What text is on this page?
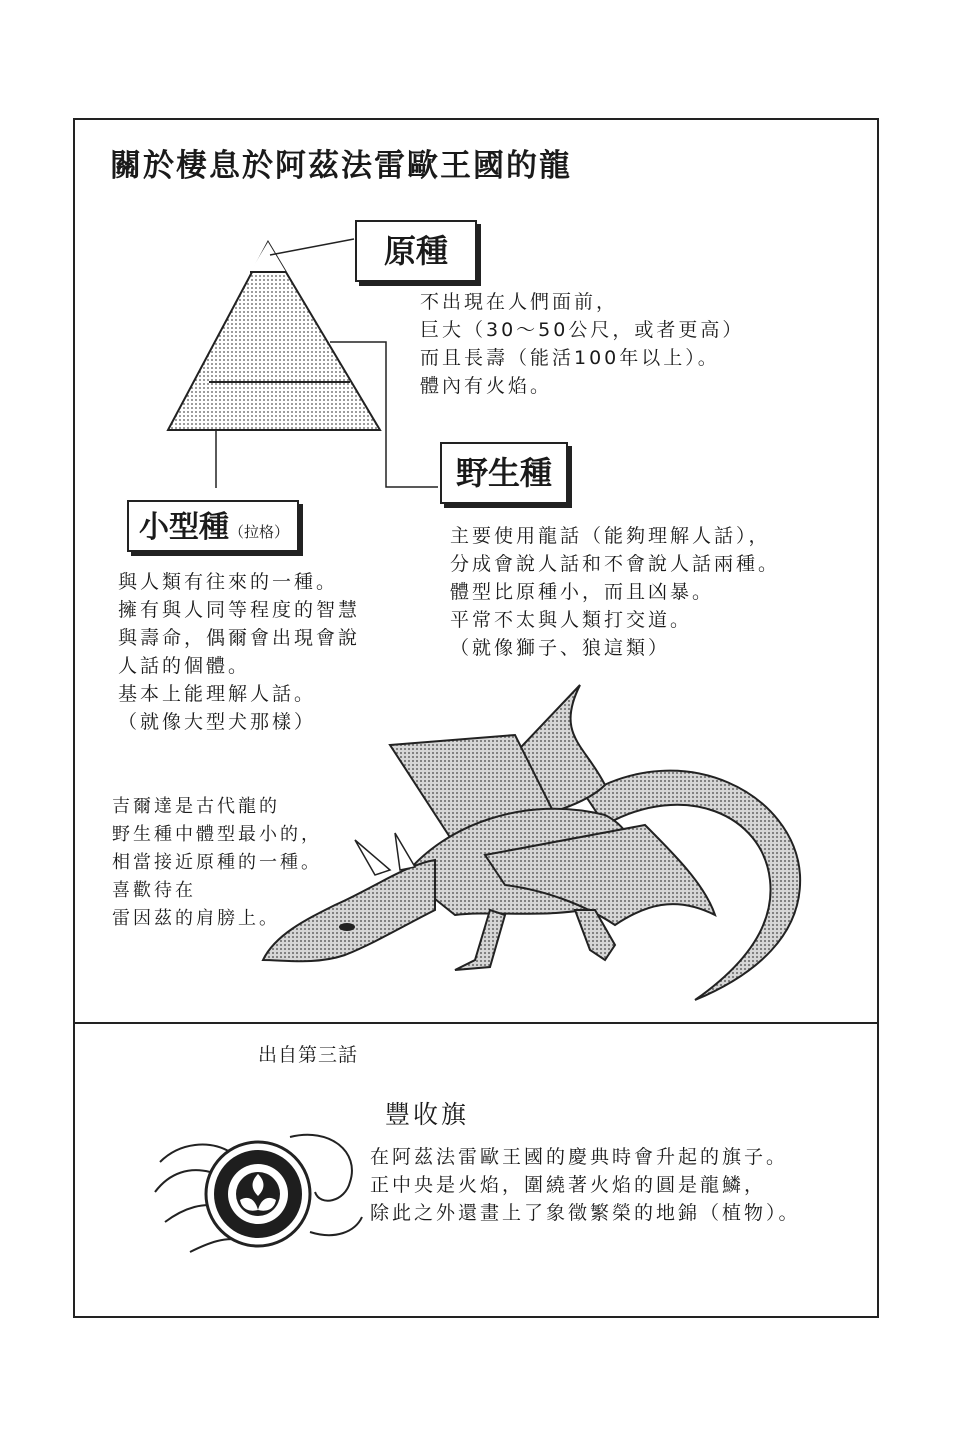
關於棲息於阿茲法雷歐王國的龍
原種
野生種
小型種（拉格）
不出現在人們面前，
巨大（30～50公尺，或者更高）
而且長壽（能活100年以上）。
體內有火焰。
主要使用龍話（能夠理解人話），
分成會說人話和不會說人話兩種。
體型比原種小，而且凶暴。
平常不太與人類打交道。
（就像獅子、狼這類）
與人類有往來的一種。
擁有與人同等程度的智慧
與壽命，偶爾會出現會說
人話的個體。
基本上能理解人話。
（就像大型犬那樣）
吉爾達是古代龍的
野生種中體型最小的，
相當接近原種的一種。
喜歡待在
雷因茲的肩膀上。
出自第三話
豐收旗
在阿茲法雷歐王國的慶典時會升起的旗子。
正中央是火焰，圍繞著火焰的圓是龍鱗，
除此之外還畫上了象徵繁榮的地錦（植物）。
